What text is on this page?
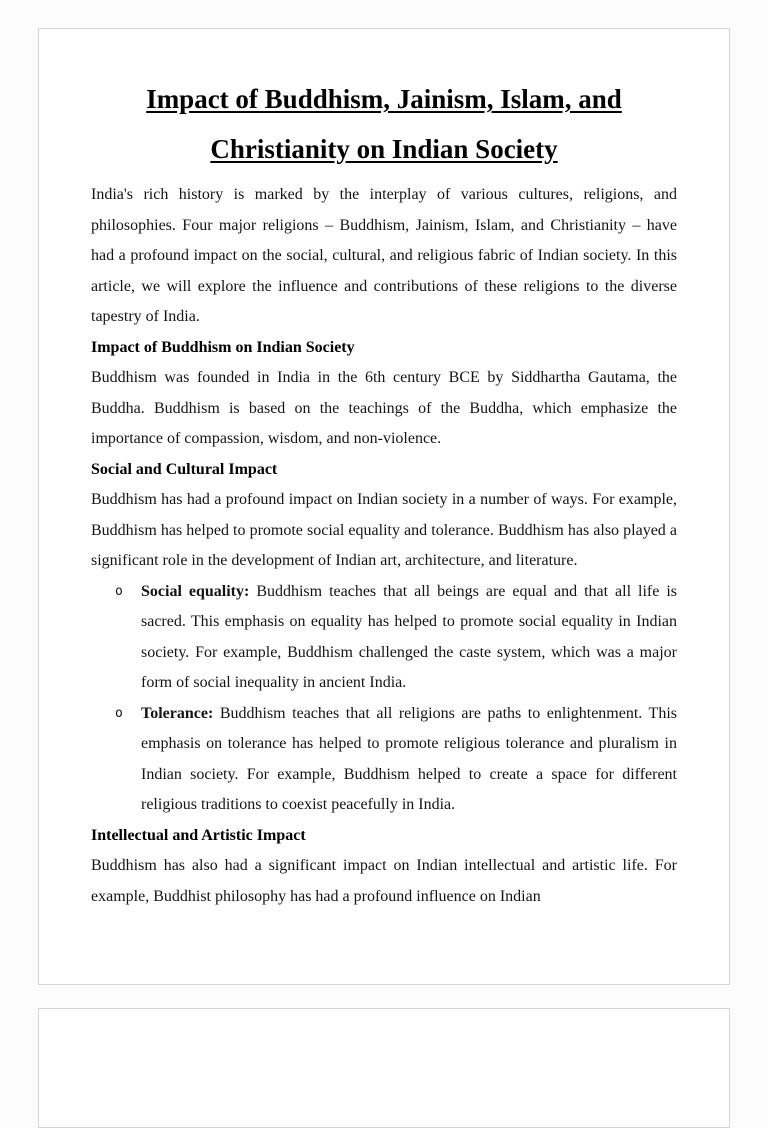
Impact of Buddhism, Jainism, Islam, and
Christianity on Indian Society

India's rich history is marked by the interplay of various cultures, religions, and philosophies. Four major religions – Buddhism, Jainism, Islam, and Christianity – have had a profound impact on the social, cultural, and religious fabric of Indian society. In this article, we will explore the influence and contributions of these religions to the diverse tapestry of India.

Impact of Buddhism on Indian Society

Buddhism was founded in India in the 6th century BCE by Siddhartha Gautama, the Buddha. Buddhism is based on the teachings of the Buddha, which emphasize the importance of compassion, wisdom, and non-violence.

Social and Cultural Impact

Buddhism has had a profound impact on Indian society in a number of ways. For example, Buddhism has helped to promote social equality and tolerance. Buddhism has also played a significant role in the development of Indian art, architecture, and literature.

o Social equality: Buddhism teaches that all beings are equal and that all life is sacred. This emphasis on equality has helped to promote social equality in Indian society. For example, Buddhism challenged the caste system, which was a major form of social inequality in ancient India.
o Tolerance: Buddhism teaches that all religions are paths to enlightenment. This emphasis on tolerance has helped to promote religious tolerance and pluralism in Indian society. For example, Buddhism helped to create a space for different religious traditions to coexist peacefully in India.
Intellectual and Artistic Impact

Buddhism has also had a significant impact on Indian intellectual and artistic life. For example, Buddhist philosophy has had a profound influence on Indian
